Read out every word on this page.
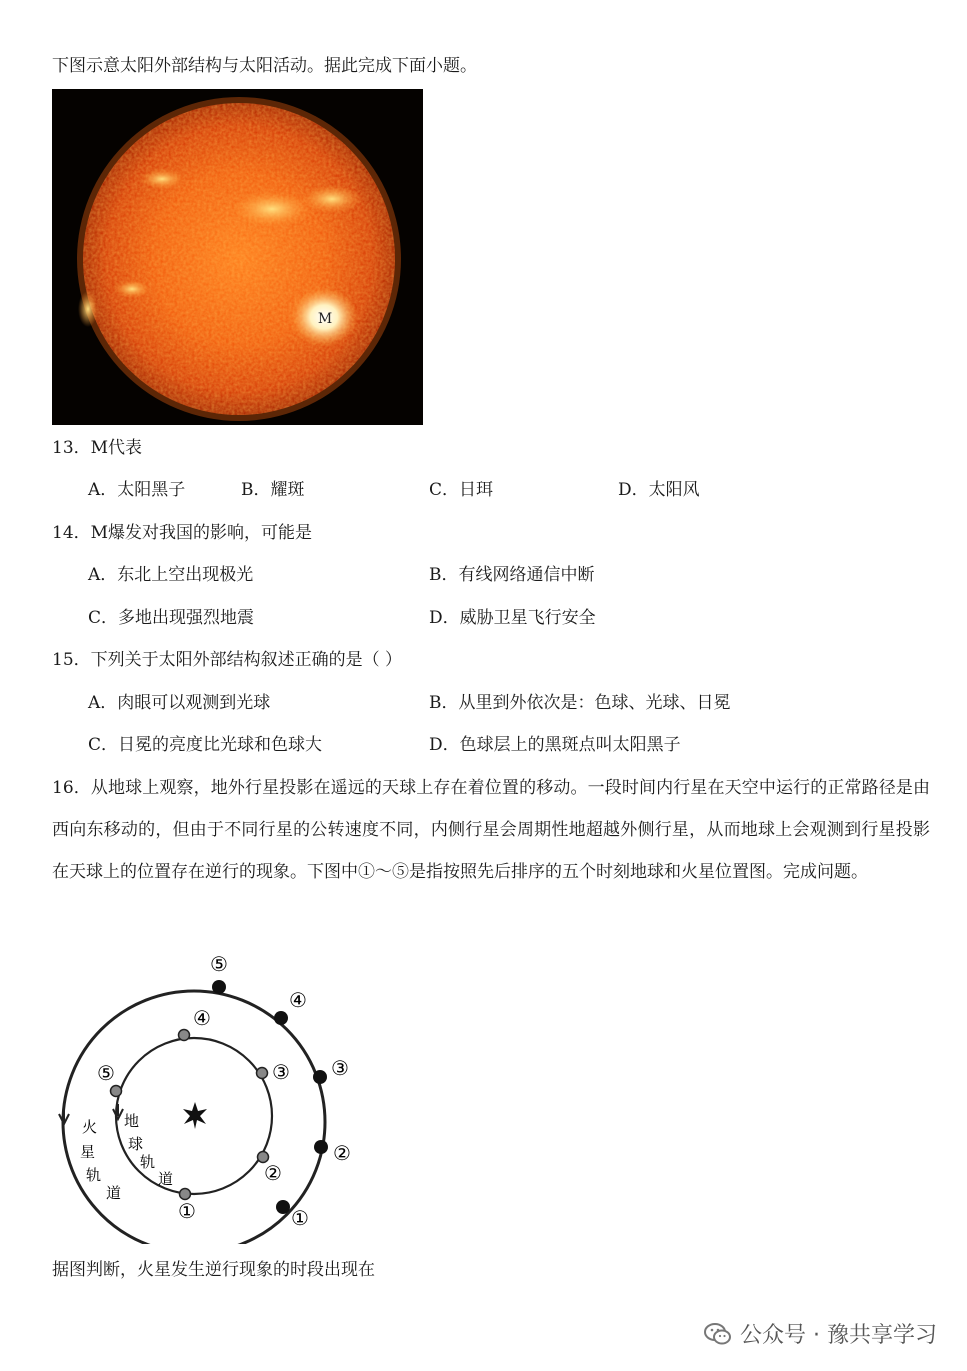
下图示意太阳外部结构与太阳活动。据此完成下面小题。
M
13．M代表
A．太阳黑子	B．耀斑	C．日珥	D．太阳风
14．M爆发对我国的影响，可能是
A．东北上空出现极光	B．有线网络通信中断
C．多地出现强烈地震	D．威胁卫星飞行安全
15．下列关于太阳外部结构叙述正确的是（ ）
A．肉眼可以观测到光球	B．从里到外依次是：色球、光球、日冕
C．日冕的亮度比光球和色球大	D．色球层上的黑斑点叫太阳黑子
16．从地球上观察，地外行星投影在遥远的天球上存在着位置的移动。一段时间内行星在天空中运行的正常路径是由西向东移动的，但由于不同行星的公转速度不同，内侧行星会周期性地超越外侧行星，从而地球上会观测到行星投影在天球上的位置存在逆行的现象。下图中①～⑤是指按照先后排序的五个时刻地球和火星位置图。完成问题。
⑤
④
③
②
①
④
⑤	③
②
①
火
星
轨
道
地
球
轨
道
据图判断，火星发生逆行现象的时段出现在
公众号 · 豫共享学习
